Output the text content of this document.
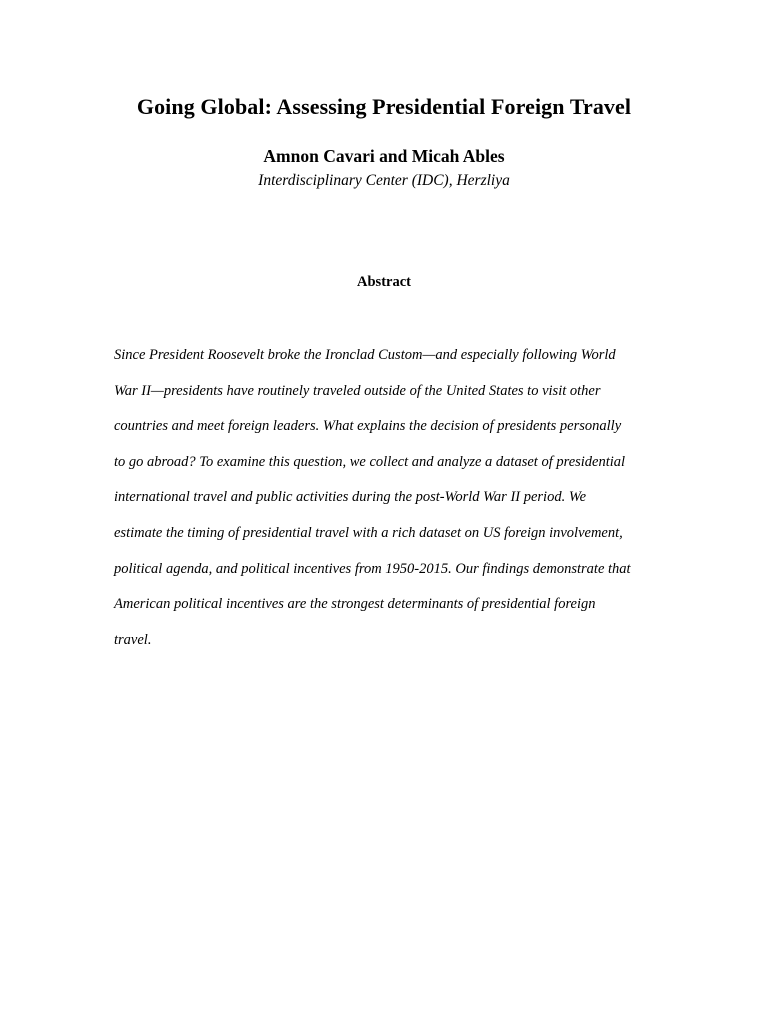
Going Global: Assessing Presidential Foreign Travel
Amnon Cavari and Micah Ables
Interdisciplinary Center (IDC), Herzliya
Abstract
Since President Roosevelt broke the Ironclad Custom—and especially following World
War II—presidents have routinely traveled outside of the United States to visit other
countries and meet foreign leaders. What explains the decision of presidents personally
to go abroad? To examine this question, we collect and analyze a dataset of presidential
international travel and public activities during the post-World War II period. We
estimate the timing of presidential travel with a rich dataset on US foreign involvement,
political agenda, and political incentives from 1950-2015. Our findings demonstrate that
American political incentives are the strongest determinants of presidential foreign
travel.
